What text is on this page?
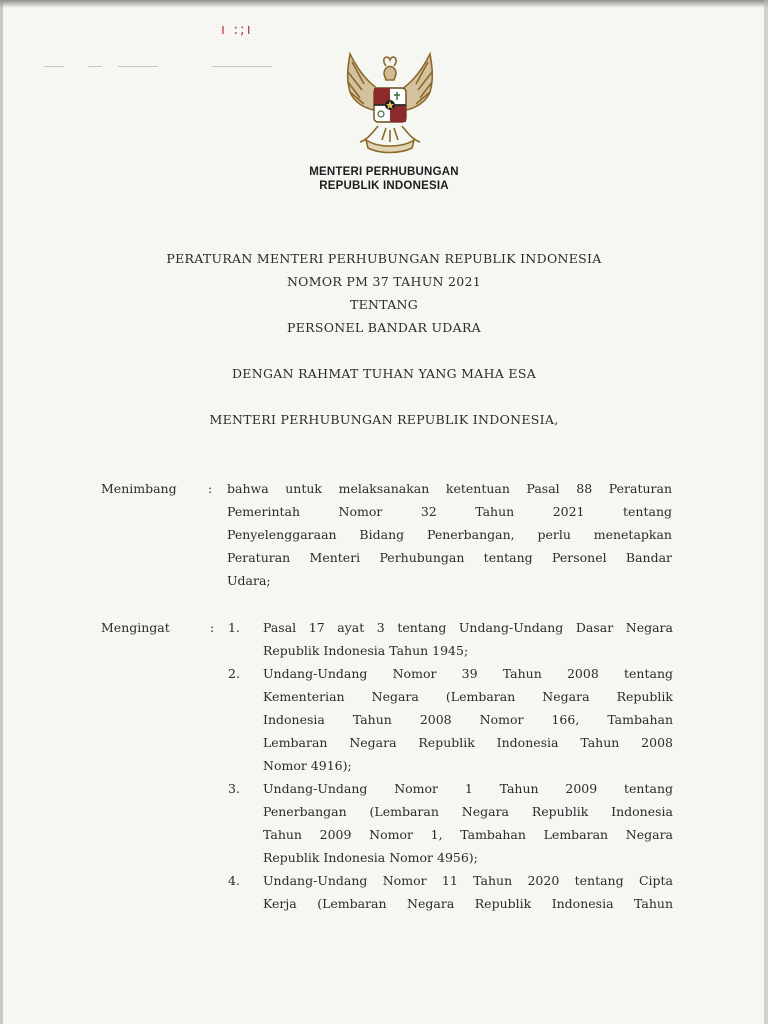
ı :;ı
MENTERI PERHUBUNGAN
REPUBLIK INDONESIA
PERATURAN MENTERI PERHUBUNGAN REPUBLIK INDONESIA
NOMOR PM 37 TAHUN 2021
TENTANG
PERSONEL BANDAR UDARA
DENGAN RAHMAT TUHAN YANG MAHA ESA
MENTERI PERHUBUNGAN REPUBLIK INDONESIA,
Menimbang	: bahwa untuk melaksanakan ketentuan Pasal 88 Peraturan
Pemerintah Nomor 32 Tahun 2021 tentang
Penyelenggaraan Bidang Penerbangan, perlu menetapkan
Peraturan Menteri Perhubungan tentang Personel Bandar
Udara;
Mengingat	: 1. Pasal 17 ayat 3 tentang Undang-Undang Dasar Negara
Republik Indonesia Tahun 1945;
2. Undang-Undang Nomor 39 Tahun 2008 tentang
Kementerian Negara (Lembaran Negara Republik
Indonesia Tahun 2008 Nomor 166, Tambahan
Lembaran Negara Republik Indonesia Tahun 2008
Nomor 4916);
3. Undang-Undang Nomor 1 Tahun 2009 tentang
Penerbangan (Lembaran Negara Republik Indonesia
Tahun 2009 Nomor 1, Tambahan Lembaran Negara
Republik Indonesia Nomor 4956);
4. Undang-Undang Nomor 11 Tahun 2020 tentang Cipta
Kerja (Lembaran Negara Republik Indonesia Tahun
